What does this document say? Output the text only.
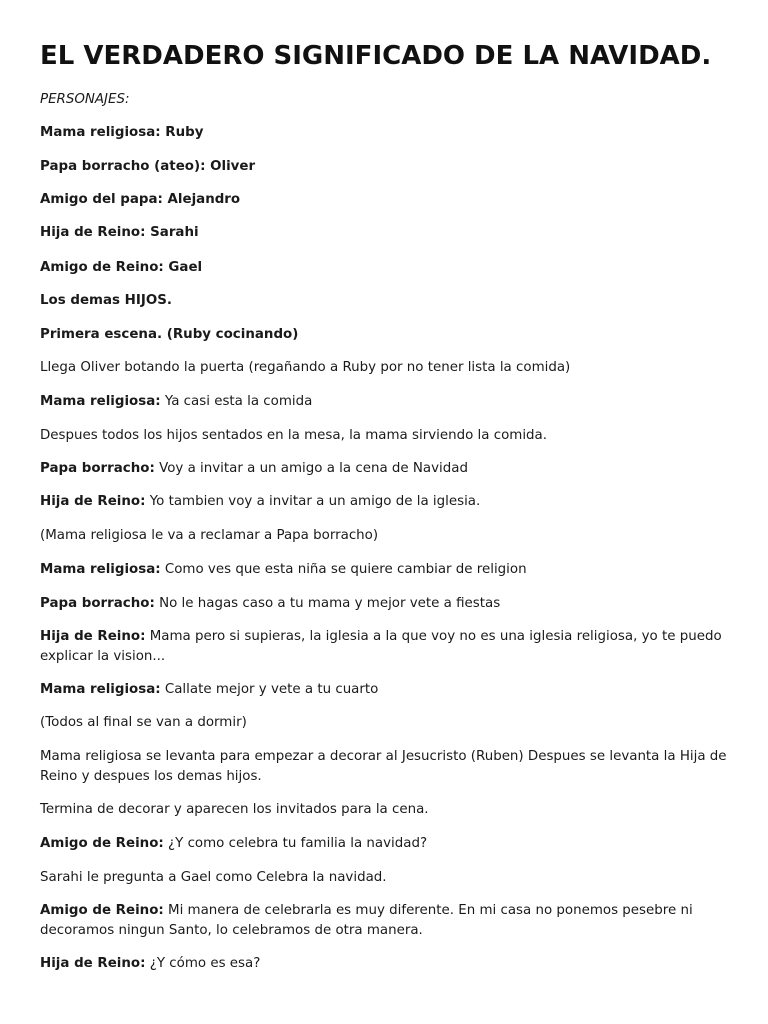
EL VERDADERO SIGNIFICADO DE LA NAVIDAD.

PERSONAJES:

Mama religiosa: Ruby

Papa borracho (ateo): Oliver

Amigo del papa: Alejandro

Hija de Reino: Sarahi

Amigo de Reino: Gael

Los demas HIJOS.

Primera escena. (Ruby cocinando)

Llega Oliver botando la puerta (regañando a Ruby por no tener lista la comida)

Mama religiosa: Ya casi esta la comida

Despues todos los hijos sentados en la mesa, la mama sirviendo la comida.

Papa borracho: Voy a invitar a un amigo a la cena de Navidad

Hija de Reino: Yo tambien voy a invitar a un amigo de la iglesia.

(Mama religiosa le va a reclamar a Papa borracho)

Mama religiosa: Como ves que esta niña se quiere cambiar de religion

Papa borracho: No le hagas caso a tu mama y mejor vete a fiestas

Hija de Reino: Mama pero si supieras, la iglesia a la que voy no es una iglesia religiosa, yo te puedo explicar la vision...

Mama religiosa: Callate mejor y vete a tu cuarto

(Todos al final se van a dormir)

Mama religiosa se levanta para empezar a decorar al Jesucristo (Ruben) Despues se levanta la Hija de Reino y despues los demas hijos.

Termina de decorar y aparecen los invitados para la cena.

Amigo de Reino: ¿Y como celebra tu familia la navidad?

Sarahi le pregunta a Gael como Celebra la navidad.

Amigo de Reino: Mi manera de celebrarla es muy diferente. En mi casa no ponemos pesebre ni decoramos ningun Santo, lo celebramos de otra manera.

Hija de Reino: ¿Y cómo es esa?
